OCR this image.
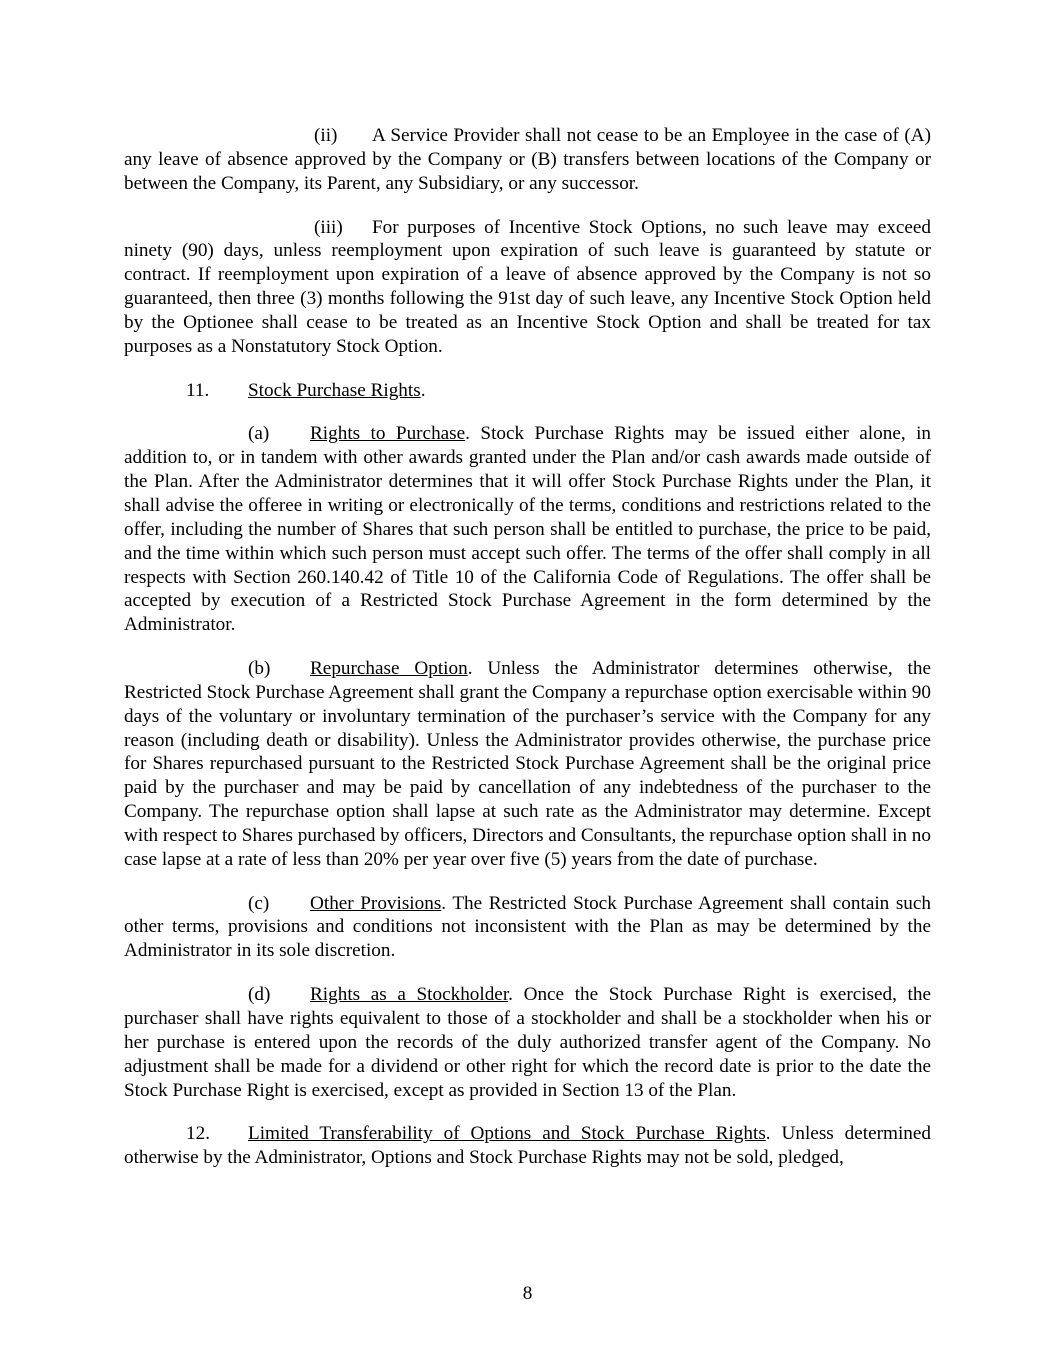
(ii) A Service Provider shall not cease to be an Employee in the case of (A) any leave of absence approved by the Company or (B) transfers between locations of the Company or between the Company, its Parent, any Subsidiary, or any successor.

(iii) For purposes of Incentive Stock Options, no such leave may exceed ninety (90) days, unless reemployment upon expiration of such leave is guaranteed by statute or contract. If reemployment upon expiration of a leave of absence approved by the Company is not so guaranteed, then three (3) months following the 91st day of such leave, any Incentive Stock Option held by the Optionee shall cease to be treated as an Incentive Stock Option and shall be treated for tax purposes as a Nonstatutory Stock Option.

11. Stock Purchase Rights.

(a) Rights to Purchase. Stock Purchase Rights may be issued either alone, in addition to, or in tandem with other awards granted under the Plan and/or cash awards made outside of the Plan. After the Administrator determines that it will offer Stock Purchase Rights under the Plan, it shall advise the offeree in writing or electronically of the terms, conditions and restrictions related to the offer, including the number of Shares that such person shall be entitled to purchase, the price to be paid, and the time within which such person must accept such offer. The terms of the offer shall comply in all respects with Section 260.140.42 of Title 10 of the California Code of Regulations. The offer shall be accepted by execution of a Restricted Stock Purchase Agreement in the form determined by the Administrator.

(b) Repurchase Option. Unless the Administrator determines otherwise, the Restricted Stock Purchase Agreement shall grant the Company a repurchase option exercisable within 90 days of the voluntary or involuntary termination of the purchaser’s service with the Company for any reason (including death or disability). Unless the Administrator provides otherwise, the purchase price for Shares repurchased pursuant to the Restricted Stock Purchase Agreement shall be the original price paid by the purchaser and may be paid by cancellation of any indebtedness of the purchaser to the Company. The repurchase option shall lapse at such rate as the Administrator may determine. Except with respect to Shares purchased by officers, Directors and Consultants, the repurchase option shall in no case lapse at a rate of less than 20% per year over five (5) years from the date of purchase.

(c) Other Provisions. The Restricted Stock Purchase Agreement shall contain such other terms, provisions and conditions not inconsistent with the Plan as may be determined by the Administrator in its sole discretion.

(d) Rights as a Stockholder. Once the Stock Purchase Right is exercised, the purchaser shall have rights equivalent to those of a stockholder and shall be a stockholder when his or her purchase is entered upon the records of the duly authorized transfer agent of the Company. No adjustment shall be made for a dividend or other right for which the record date is prior to the date the Stock Purchase Right is exercised, except as provided in Section 13 of the Plan.

12. Limited Transferability of Options and Stock Purchase Rights. Unless determined otherwise by the Administrator, Options and Stock Purchase Rights may not be sold, pledged,

8
